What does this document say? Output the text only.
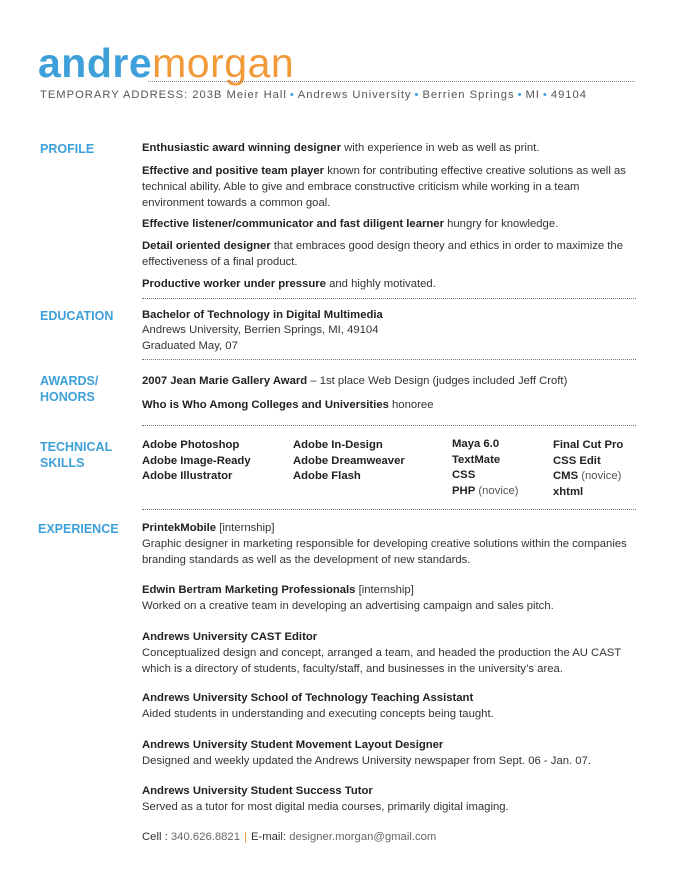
andremorgan
TEMPORARY ADDRESS: 203B Meier Hall • Andrews University • Berrien Springs • MI • 49104
PROFILE	Enthusiastic award winning designer with experience in web as well as print.

Effective and positive team player known for contributing effective creative solutions as well as technical ability. Able to give and embrace constructive criticism while working in a team environment towards a common goal.

Effective listener/communicator and fast diligent learner hungry for knowledge.

Detail oriented designer that embraces good design theory and ethics in order to maximize the effectiveness of a final product.

Productive worker under pressure and highly motivated.

EDUCATION	Bachelor of Technology in Digital Multimedia

Andrews University, Berrien Springs, MI, 49104

Graduated May, 07

AWARDS/
HONORS

2007 Jean Marie Gallery Award – 1st place Web Design (judges included Jeff Croft)

Who is Who Among Colleges and Universities honoree

TECHNICAL
SKILLS
Adobe Photoshop
Adobe Image-Ready
Adobe Illustrator
Adobe In-Design
Adobe Dreamweaver
Adobe Flash
Maya 6.0
TextMate
CSS
PHP (novice)
Final Cut Pro
CSS Edit
CMS (novice)
xhtml
EXPERIENCE PrintekMobile [internship]
Graphic designer in marketing responsible for developing creative solutions within the companies branding standards as well as the development of new standards.
Edwin Bertram Marketing Professionals [internship]
Worked on a creative team in developing an advertising campaign and sales pitch.
Andrews University CAST Editor
Conceptualized design and concept, arranged a team, and headed the production the AU CAST which is a directory of students, faculty/staff, and businesses in the university’s area.
Andrews University School of Technology Teaching Assistant
Aided students in understanding and executing concepts being taught.
Andrews University Student Movement Layout Designer
Designed and weekly updated the Andrews University newspaper from Sept. 06 - Jan. 07.
Andrews University Student Success Tutor
Served as a tutor for most digital media courses, primarily digital imaging.
Cell : 340.626.8821 | E-mail: designer.morgan@gmail.com
